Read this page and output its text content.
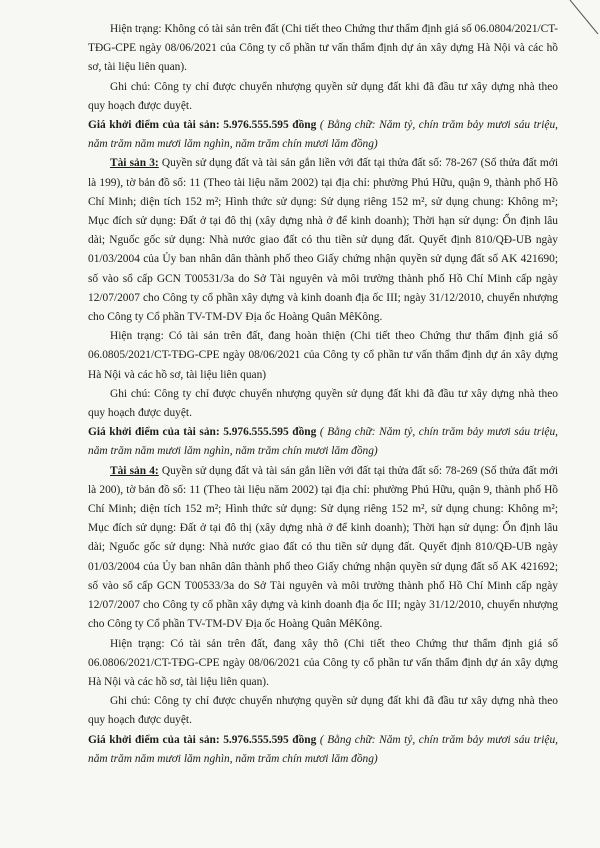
Hiện trạng: Không có tài sản trên đất (Chi tiết theo Chứng thư thẩm định giá số 06.0804/2021/CT-TĐG-CPE ngày 08/06/2021 của Công ty cổ phần tư vấn thẩm định dự án xây dựng Hà Nội và các hồ sơ, tài liệu liên quan).

Ghi chú: Công ty chỉ được chuyển nhượng quyền sử dụng đất khi đã đầu tư xây dựng nhà theo quy hoạch được duyệt.

Giá khởi điểm của tài sản: 5.976.555.595 đồng ( Bằng chữ: Năm tỷ, chín trăm bảy mươi sáu triệu, năm trăm năm mươi lăm nghìn, năm trăm chín mươi lăm đồng)

Tài sản 3: Quyền sử dụng đất và tài sản gắn liền với đất tại thửa đất số: 78-267 (Số thửa đất mới là 199), tờ bản đồ số: 11 (Theo tài liệu năm 2002) tại địa chỉ: phường Phú Hữu, quận 9, thành phố Hồ Chí Minh; diện tích 152 m²; Hình thức sử dụng: Sử dụng riêng 152 m², sử dụng chung: Không m²; Mục đích sử dụng: Đất ở tại đô thị (xây dựng nhà ở để kinh doanh); Thời hạn sử dụng: Ổn định lâu dài; Nguốc gốc sử dụng: Nhà nước giao đất có thu tiền sử dụng đất. Quyết định 810/QĐ-UB ngày 01/03/2004 của Ủy ban nhân dân thành phố theo Giấy chứng nhận quyền sử dụng đất số AK 421690; số vào sổ cấp GCN T00531/3a do Sở Tài nguyên và môi trường thành phố Hồ Chí Minh cấp ngày 12/07/2007 cho Công ty cổ phần xây dựng và kinh doanh địa ốc III; ngày 31/12/2010, chuyển nhượng cho Công ty Cổ phần TV-TM-DV Địa ốc Hoàng Quân MêKông.

Hiện trạng: Có tài sản trên đất, đang hoàn thiện (Chi tiết theo Chứng thư thẩm định giá số 06.0805/2021/CT-TĐG-CPE ngày 08/06/2021 của Công ty cổ phần tư vấn thẩm định dự án xây dựng Hà Nội và các hồ sơ, tài liệu liên quan)

Ghi chú: Công ty chỉ được chuyển nhượng quyền sử dụng đất khi đã đầu tư xây dựng nhà theo quy hoạch được duyệt.

Giá khởi điểm của tài sản: 5.976.555.595 đồng ( Bằng chữ: Năm tỷ, chín trăm bảy mươi sáu triệu, năm trăm năm mươi lăm nghìn, năm trăm chín mươi lăm đồng)

Tài sản 4: Quyền sử dụng đất và tài sản gắn liền với đất tại thửa đất số: 78-269 (Số thửa đất mới là 200), tờ bản đồ số: 11 (Theo tài liệu năm 2002) tại địa chỉ: phường Phú Hữu, quận 9, thành phố Hồ Chí Minh; diện tích 152 m²; Hình thức sử dụng: Sử dụng riêng 152 m², sử dụng chung: Không m²; Mục đích sử dụng: Đất ở tại đô thị (xây dựng nhà ở để kinh doanh); Thời hạn sử dụng: Ổn định lâu dài; Nguốc gốc sử dụng: Nhà nước giao đất có thu tiền sử dụng đất. Quyết định 810/QĐ-UB ngày 01/03/2004 của Ủy ban nhân dân thành phố theo Giấy chứng nhận quyền sử dụng đất số AK 421692; số vào sổ cấp GCN T00533/3a do Sở Tài nguyên và môi trường thành phố Hồ Chí Minh cấp ngày 12/07/2007 cho Công ty cổ phần xây dựng và kinh doanh địa ốc III; ngày 31/12/2010, chuyển nhượng cho Công ty Cổ phần TV-TM-DV Địa ốc Hoàng Quân MêKông.

Hiện trạng: Có tài sản trên đất, đang xây thô (Chi tiết theo Chứng thư thẩm định giá số 06.0806/2021/CT-TĐG-CPE ngày 08/06/2021 của Công ty cổ phần tư vấn thẩm định dự án xây dựng Hà Nội và các hồ sơ, tài liệu liên quan).

Ghi chú: Công ty chỉ được chuyển nhượng quyền sử dụng đất khi đã đầu tư xây dựng nhà theo quy hoạch được duyệt.

Giá khởi điểm của tài sản: 5.976.555.595 đồng ( Bằng chữ: Năm tỷ, chín trăm bảy mươi sáu triệu, năm trăm năm mươi lăm nghìn, năm trăm chín mươi lăm đồng)
